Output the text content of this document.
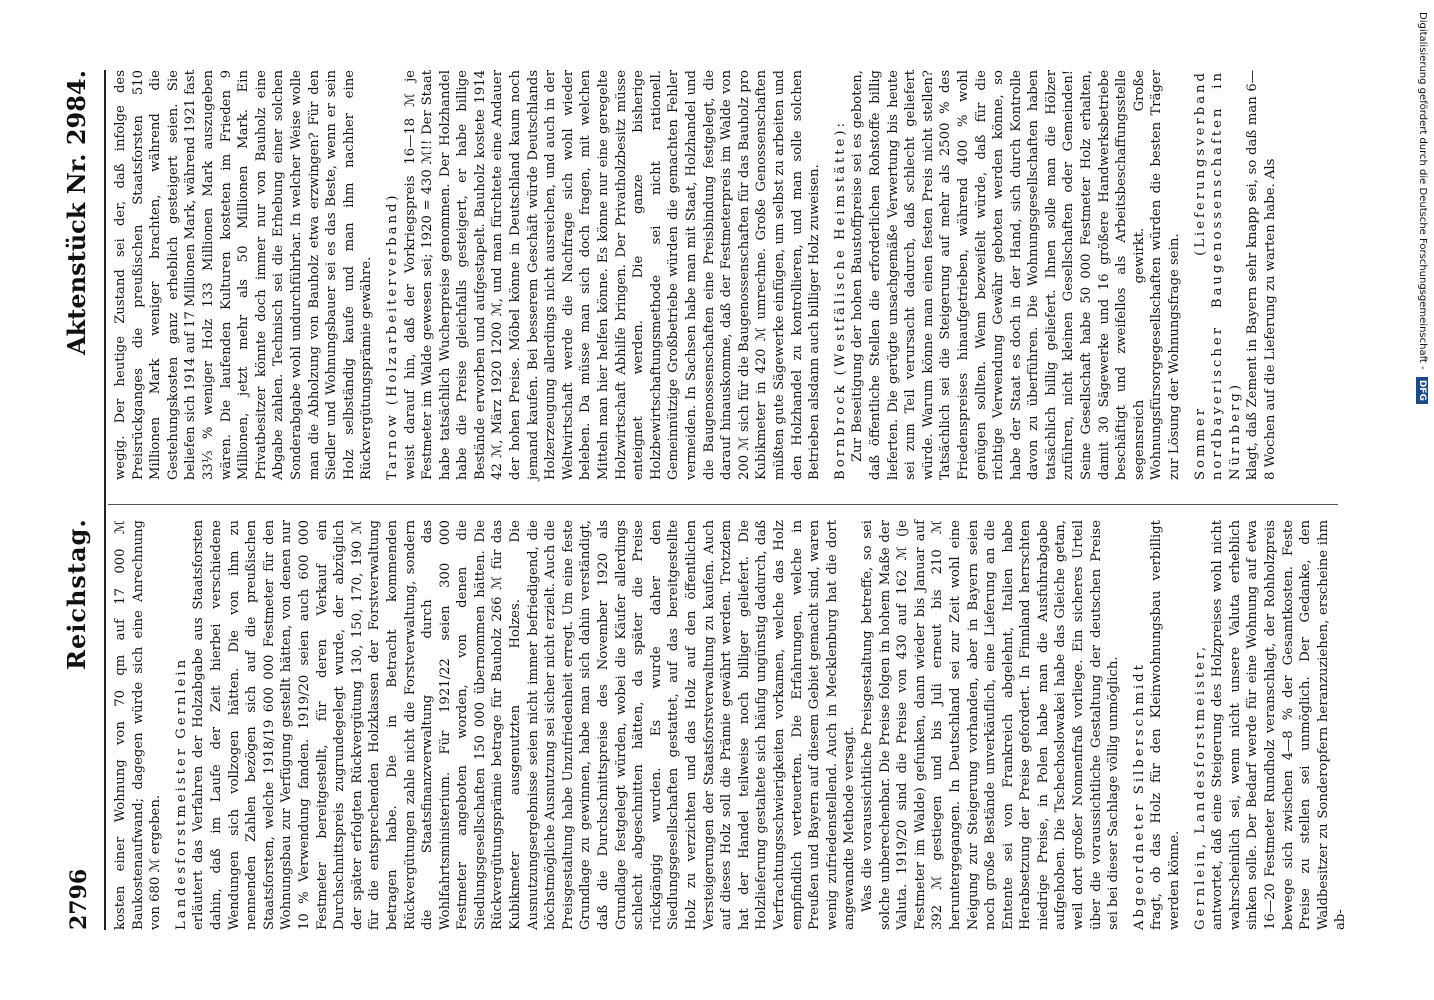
2796
Reichstag.
Aktenstück Nr. 2984.

kosten einer Wohnung von 70 qm auf 17 000 ℳ Baukostenaufwand; dagegen würde sich eine Anrechnung von 680 ℳ ergeben. Landesforstmeister Gernlein erläutert das Verfahren der Holzabgabe aus Staatsforsten dahin, daß im Laufe der Zeit hierbei verschiedene Wendungen sich vollzogen hätten. Die von ihm zu nennenden Zahlen bezögen sich auf die preußischen Staatsforsten, welche 1918/19 600 000 Festmeter für den Wohnungsbau zur Verfügung gestellt hätten, von denen nur 10 % Verwendung fanden. 1919/20 seien auch 600 000 Festmeter bereitgestellt, für deren Verkauf ein Durchschnittspreis zugrundegelegt wurde, der abzüglich der später erfolgten Rückvergütung 130, 150, 170, 190 ℳ für die entsprechenden Holzklassen der Forstverwaltung betragen habe. Die in Betracht kommenden Rückvergütungen zahle nicht die Forstverwaltung, sondern die Staatsfinanzverwaltung durch das Wohlfahrtsministerium. Für 1921/22 seien 300 000 Festmeter angeboten worden, von denen die Siedlungsgesellschaften 150 000 übernommen hätten. Die Rückvergütungsprämie betrage für Bauholz 266 ℳ für das Kubikmeter ausgenutzten Holzes. Die Ausnutzungsergebnisse seien nicht immer befriedigend, die höchstmögliche Ausnutzung sei sicher nicht erzielt. Auch die Preisgestaltung habe Unzufriedenheit erregt. Um eine feste Grundlage zu gewinnen, habe man sich dahin verständigt, daß die Durchschnittspreise des November 1920 als Grundlage festgelegt würden, wobei die Käufer allerdings schlecht abgeschnitten hätten, da später die Preise rückgängig wurden. Es wurde daher den Siedlungsgesellschaften gestattet, auf das bereitgestellte Holz zu verzichten und das Holz auf den öffentlichen Versteigerungen der Staatsforstverwaltung zu kaufen. Auch auf dieses Holz soll die Prämie gewährt werden. Trotzdem hat der Handel teilweise noch billiger geliefert. Die Holzlieferung gestaltete sich häufig ungünstig dadurch, daß Verfrachtungsschwierigkeiten vorkamen, welche das Holz empfindlich verteuerten. Die Erfahrungen, welche in Preußen und Bayern auf diesem Gebiet gemacht sind, waren wenig zufriedenstellend. Auch in Mecklenburg hat die dort angewandte Methode versagt. Was die voraussichtliche Preisgestaltung betreffe, so sei solche unberechenbar. Die Preise folgen in hohem Maße der Valuta. 1919/20 sind die Preise von 430 auf 162 ℳ (je Festmeter im Walde) gefunken, dann wieder bis Januar auf 392 ℳ gestiegen und bis Juli erneut bis 210 ℳ heruntergegangen. In Deutschland sei zur Zeit wohl eine Neigung zur Steigerung vorhanden, aber in Bayern seien noch große Bestände unverkäuflich, eine Lieferung an die Entente sei von Frankreich abgelehnt, Italien habe Herabsetzung der Preise gefordert. In Finnland herrschten niedrige Preise, in Polen habe man die Ausfuhrabgabe aufgehoben. Die Tschechoslowakei habe das Gleiche getan, weil dort großer Nonnenfraß vorliege. Ein sicheres Urteil über die voraussichtliche Gestaltung der deutschen Preise sei bei dieser Sachlage völlig unmöglich. Abgeordneter Silberschmidt fragt, ob das Holz für den Kleinwohnungsbau verbilligt werden könne. Gernlein, Landesforstmeister, antwortet, daß eine Steigerung des Holzpreises wohl nicht wahrscheinlich sei, wenn nicht unsere Valuta erheblich sinken solle. Der Bedarf werde für eine Wohnung auf etwa 16—20 Festmeter Rundholz veranschlagt, der Rohholzpreis bewege sich zwischen 4—8 % der Gesamtkosten. Feste Preise zu stellen sei unmöglich. Der Gedanke, den Waldbesitzer zu Sonderopfern heranzuziehen, erscheine ihm ab-

wegig. Der heutige Zustand sei der, daß infolge des Preisrückganges die preußischen Staatsforsten 510 Millionen Mark weniger brachten, während die Gestehungskosten ganz erheblich gesteigert seien. Sie beliefen sich 1914 auf 17 Millionen Mark, während 1921 fast 33⅓ % weniger Holz 133 Millionen Mark auszugeben wären. Die laufenden Kulturen kosteten im Frieden 9 Millionen, jetzt mehr als 50 Millionen Mark. Ein Privatbesitzer könnte doch immer nur von Bauholz eine Abgabe zahlen. Technisch sei die Erhebung einer solchen Sonderabgabe wohl undurchführbar. In welcher Weise wolle man die Abholzung von Bauholz etwa erzwingen? Für den Siedler und Wohnungsbauer sei es das Beste, wenn er sein Holz selbständig kaufe und man ihm nachher eine Rückvergütungsprämie gewähre. Tarnow (Holzarbeiterverband) weist darauf hin, daß der Vorkriegspreis 16—18 ℳ je Festmeter im Walde gewesen sei; 1920 = 430 ℳ!! Der Staat habe tatsächlich Wucherpreise genommen. Der Holzhandel habe die Preise gleichfalls gesteigert, er habe billige Bestände erworben und aufgestapelt. Bauholz kostete 1914 42 ℳ, März 1920 1200 ℳ, und man fürchtete eine Andauer der hohen Preise. Möbel könne in Deutschland kaum noch jemand kaufen. Bei besserem Geschäft würde Deutschlands Holzerzeugung allerdings nicht ausreichen, und auch in der Weltwirtschaft werde die Nachfrage sich wohl wieder beleben. Da müsse man sich doch fragen, mit welchen Mitteln man hier helfen könne. Es könne nur eine geregelte Holzwirtschaft Abhilfe bringen. Der Privatholzbesitz müsse enteignet werden. Die ganze bisherige Holzbewirtschaftungsmethode sei nicht rationell. Gemeinnützige Großbetriebe würden die gemachten Fehler vermeiden. In Sachsen habe man mit Staat, Holzhandel und die Baugenossenschaften eine Preisbindung festgelegt, die darauf hinauskomme, daß der Festmeterpreis im Walde von 200 ℳ sich für die Baugenossenschaften für das Bauholz pro Kubikmeter in 420 ℳ umrechne. Große Genossenschaften müßten gute Sägewerke einfügen, um selbst zu arbeiten und den Holzhandel zu kontrollieren, und man solle solchen Betrieben alsdann auch billiger Holz zuweisen. Bornbrock (Westfälische Heimstätte): Zur Beseitigung der hohen Baustoffpreise sei es geboten, daß öffentliche Stellen die erforderlichen Rohstoffe billig lieferten. Die gerügte unsachgemäße Verwertung bis heute sei zum Teil verursacht dadurch, daß schlecht geliefert würde. Warum könne man einen festen Preis nicht stellen? Tatsächlich sei die Steigerung auf mehr als 2500 % des Friedenspreises hinaufgetrieben, während 400 % wohl genügen sollten. Wenn bezweifelt würde, daß für die richtige Verwendung Gewähr geboten werden könne, so habe der Staat es doch in der Hand, sich durch Kontrolle davon zu überführen. Die Wohnungsgesellschaften haben tatsächlich billig geliefert. Ihnen solle man die Hölzer zuführen, nicht kleinen Gesellschaften oder Gemeinden! Seine Gesellschaft habe 50 000 Festmeter Holz erhalten, damit 30 Sägewerke und 16 größere Handwerksbetriebe beschäftigt und zweifellos als Arbeitsbeschaffungsstelle segensreich gewirkt. Große Wohnungsfürsorgegesellschaften würden die besten Träger zur Lösung der Wohnungsfrage sein. Sommer (Lieferungsverband nordbayerischer Baugenossenschaften in Nürnberg) klagt, daß Zement in Bayern sehr knapp sei, so daß man 6—8 Wochen auf die Lieferung zu warten habe. Als	Digitalisierung gefördert durch die Deutsche Forschungsgemeinschaft - DFG
